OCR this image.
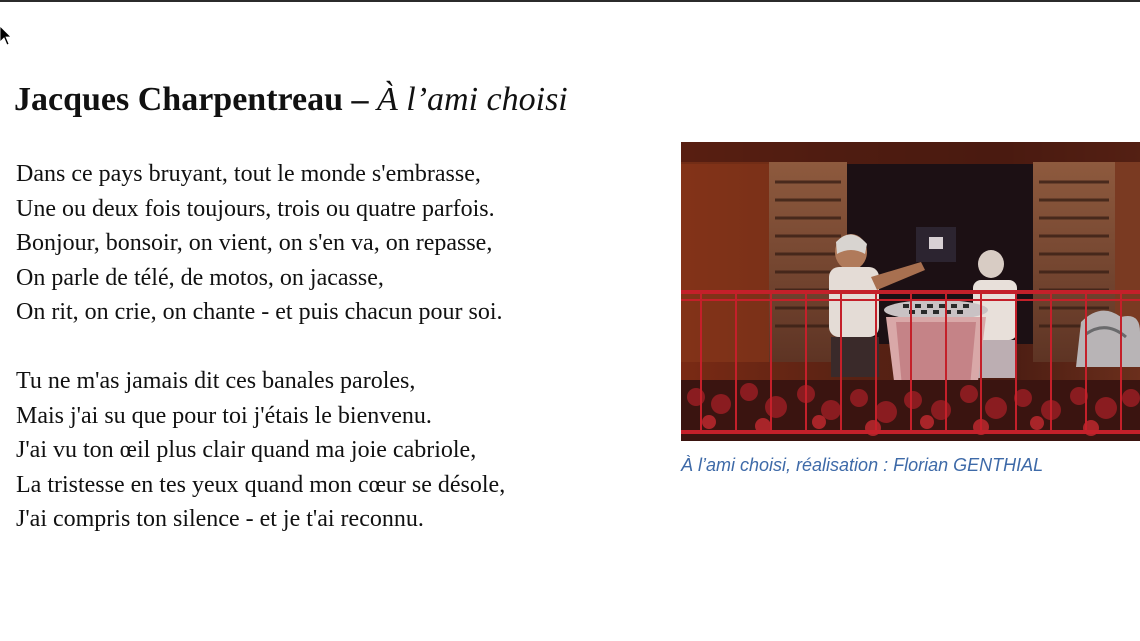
Jacques Charpentreau – À l’ami choisi
Dans ce pays bruyant, tout le monde s'embrasse,
Une ou deux fois toujours, trois ou quatre parfois.
Bonjour, bonsoir, on vient, on s'en va, on repasse,
On parle de télé, de motos, on jacasse,
On rit, on crie, on chante - et puis chacun pour soi.
Tu ne m'as jamais dit ces banales paroles,
Mais j'ai su que pour toi j'étais le bienvenu.
J'ai vu ton œil plus clair quand ma joie cabriole,
La tristesse en tes yeux quand mon cœur se désole,
J'ai compris ton silence - et je t'ai reconnu.
À l’ami choisi, réalisation : Florian GENTHIAL
